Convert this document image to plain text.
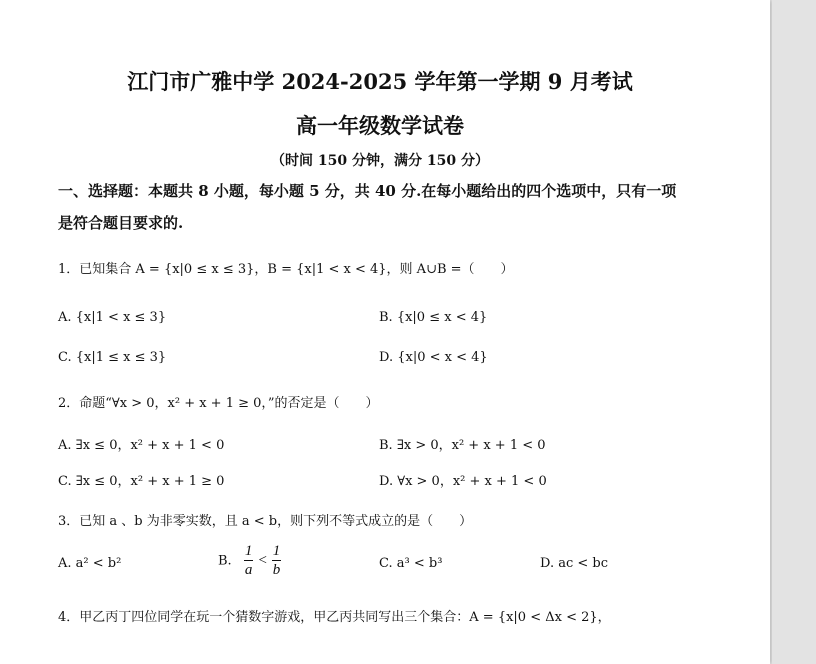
江门市广雅中学 2024-2025 学年第一学期 9 月考试
高一年级数学试卷
（时间 150 分钟，满分 150 分）
一、选择题：本题共 8 小题，每小题 5 分，共 40 分.在每小题给出的四个选项中，只有一项
是符合题目要求的.
1．已知集合 A = {x|0 ≤ x ≤ 3}，B = {x|1 < x < 4}，则 A∪B =（　　）
A. {x|1 < x ≤ 3}	B. {x|0 ≤ x < 4}
C. {x|1 ≤ x ≤ 3}	D. {x|0 < x < 4}
2．命题“∀x > 0，x² + x + 1 ≥ 0，”的否定是（　　）
A. ∃x ≤ 0，x² + x + 1 < 0	B. ∃x > 0，x² + x + 1 < 0
C. ∃x ≤ 0，x² + x + 1 ≥ 0	D. ∀x > 0，x² + x + 1 < 0
3．已知 a 、b 为非零实数，且 a < b，则下列不等式成立的是（　　）
A. a² < b²	B. $\frac{1}{a} < \frac{1}{b}$	C. a³ < b³	D. ac < bc
4．甲乙丙丁四位同学在玩一个猜数字游戏，甲乙丙共同写出三个集合：A = {x|0 < Δx < 2}，
